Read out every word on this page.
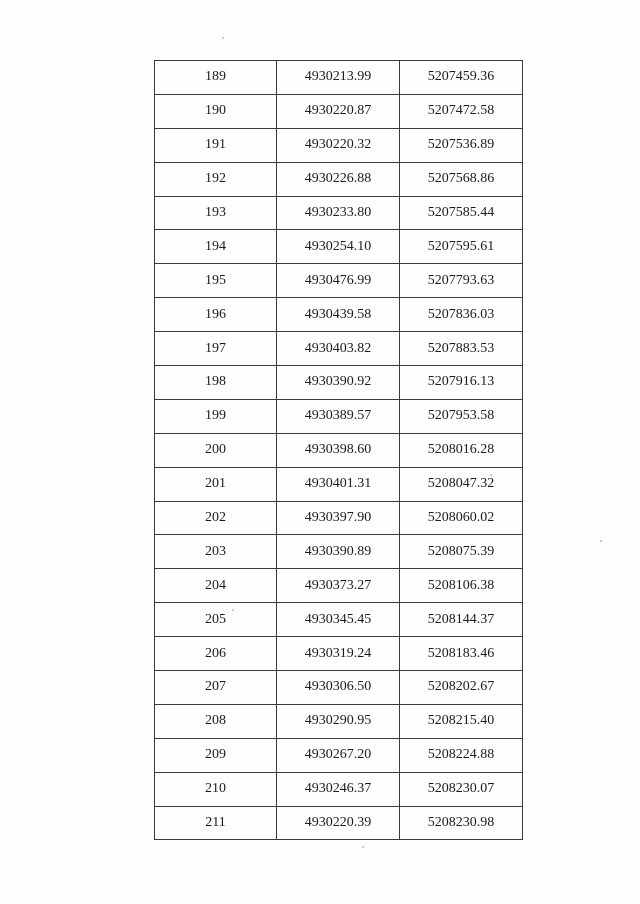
189	4930213.99	5207459.36
190	4930220.87	5207472.58
191	4930220.32	5207536.89
192	4930226.88	5207568.86
193	4930233.80	5207585.44
194	4930254.10	5207595.61
195	4930476.99	5207793.63
196	4930439.58	5207836.03
197	4930403.82	5207883.53
198	4930390.92	5207916.13
199	4930389.57	5207953.58
200	4930398.60	5208016.28
201	4930401.31	5208047.32
202	4930397.90	5208060.02
203	4930390.89	5208075.39
204	4930373.27	5208106.38
205	4930345.45	5208144.37
206	4930319.24	5208183.46
207	4930306.50	5208202.67
208	4930290.95	5208215.40
209	4930267.20	5208224.88
210	4930246.37	5208230.07
211	4930220.39	5208230.98
